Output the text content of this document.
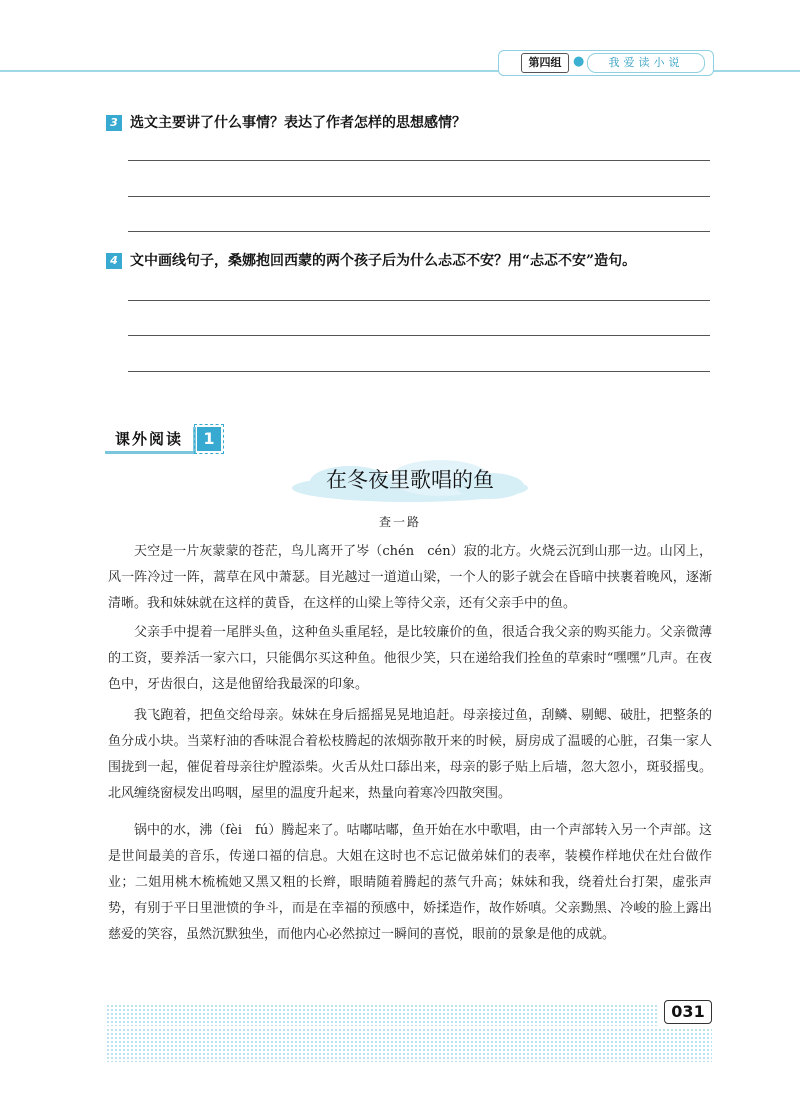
第四组 ●	我爱读小说
3 选文主要讲了什么事情？表达了作者怎样的思想感情？
4 文中画线句子，桑娜抱回西蒙的两个孩子后为什么忐忑不安？用“忐忑不安”造句。
课外阅读	1
在冬夜里歌唱的鱼
查一路
天空是一片灰蒙蒙的苍茫，鸟儿离开了岑（chén　cén）寂的北方。火烧云沉到山那一边。山冈上，风一阵冷过一阵，蒿草在风中萧瑟。目光越过一道道山梁，一个人的影子就会在昏暗中挟裹着晚风，逐渐清晰。我和妹妹就在这样的黄昏，在这样的山梁上等待父亲，还有父亲手中的鱼。
父亲手中提着一尾胖头鱼，这种鱼头重尾轻，是比较廉价的鱼，很适合我父亲的购买能力。父亲微薄的工资，要养活一家六口，只能偶尔买这种鱼。他很少笑，只在递给我们拴鱼的草索时“嘿嘿”几声。在夜色中，牙齿很白，这是他留给我最深的印象。
我飞跑着，把鱼交给母亲。妹妹在身后摇摇晃晃地追赶。母亲接过鱼，刮鳞、剔鳃、破肚，把整条的鱼分成小块。当菜籽油的香味混合着松枝腾起的浓烟弥散开来的时候，厨房成了温暖的心脏，召集一家人围拢到一起，催促着母亲往炉膛添柴。火舌从灶口舔出来，母亲的影子贴上后墙，忽大忽小，斑驳摇曳。北风缠绕窗棂发出呜咽，屋里的温度升起来，热量向着寒冷四散突围。
锅中的水，沸（fèi　fú）腾起来了。咕嘟咕嘟，鱼开始在水中歌唱，由一个声部转入另一个声部。这是世间最美的音乐，传递口福的信息。大姐在这时也不忘记做弟妹们的表率，装模作样地伏在灶台做作业；二姐用桃木梳梳她又黑又粗的长辫，眼睛随着腾起的蒸气升高；妹妹和我，绕着灶台打架，虚张声势，有别于平日里泄愤的争斗，而是在幸福的预感中，娇揉造作，故作娇嗔。父亲黝黑、冷峻的脸上露出慈爱的笑容，虽然沉默独坐，而他内心必然掠过一瞬间的喜悦，眼前的景象是他的成就。
031
